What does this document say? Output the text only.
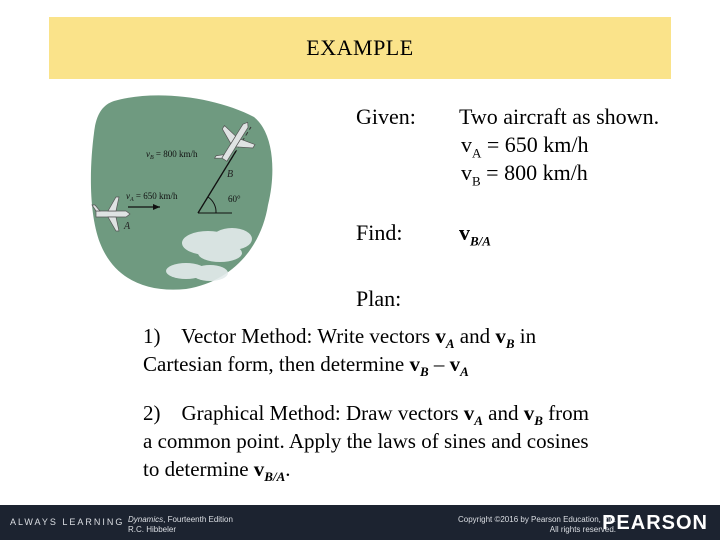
EXAMPLE
$v_B = 800$ km/h
$v_A = 650$ km/h	60°
A
B
Given: Two aircraft as shown.
$v_A = 650$ km/h
$v_B = 800$ km/h
Find:	$v_{B/A}$
Plan:
1) Vector Method: Write vectors $v_A$ and $v_B$ in
Cartesian form, then determine $v_B - v_A$
2) Graphical Method: Draw vectors $v_A$ and $v_B$ from
a common point. Apply the laws of sines and cosines
to determine $v_{B/A}$.
ALWAYS LEARNING Dynamics, Fourteenth Edition
R.C. Hibbeler
Copyright ©2016 by Pearson Education, Inc.
All rights reserved.
PEARSON
